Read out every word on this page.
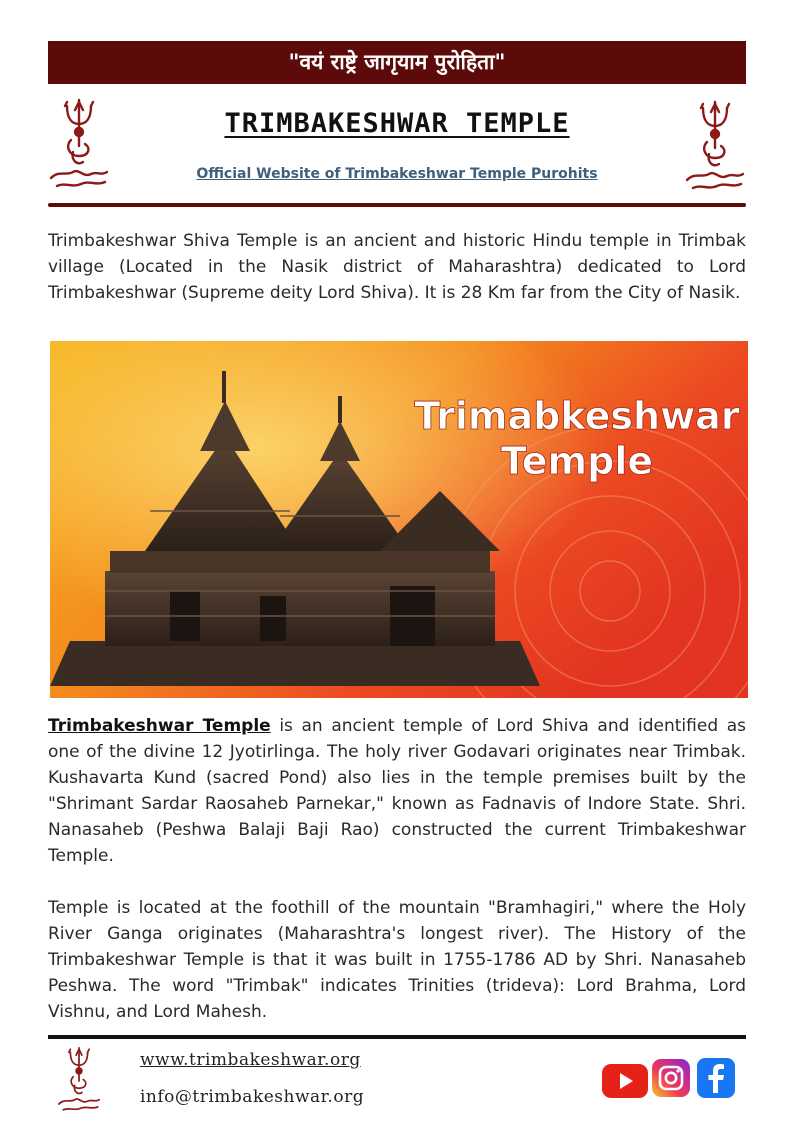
"वयं राष्ट्रे जागृयाम पुरोहिता"
TRIMBAKESHWAR TEMPLE
Official Website of Trimbakeshwar Temple Purohits

Trimbakeshwar Shiva Temple is an ancient and historic Hindu temple in Trimbak village (Located in the Nasik district of Maharashtra) dedicated to Lord Trimbakeshwar (Supreme deity Lord Shiva). It is 28 Km far from the City of Nasik.

Trimabkeshwar
Temple

Trimbakeshwar Temple is an ancient temple of Lord Shiva and identified as one of the divine 12 Jyotirlinga. The holy river Godavari originates near Trimbak. Kushavarta Kund (sacred Pond) also lies in the temple premises built by the "Shrimant Sardar Raosaheb Parnekar," known as Fadnavis of Indore State. Shri. Nanasaheb (Peshwa Balaji Baji Rao) constructed the current Trimbakeshwar Temple.

Temple is located at the foothill of the mountain "Bramhagiri," where the Holy River Ganga originates (Maharashtra's longest river). The History of the Trimbakeshwar Temple is that it was built in 1755-1786 AD by Shri. Nanasaheb Peshwa. The word "Trimbak" indicates Trinities (trideva): Lord Brahma, Lord Vishnu, and Lord Mahesh.

www.trimbakeshwar.org
info@trimbakeshwar.org
